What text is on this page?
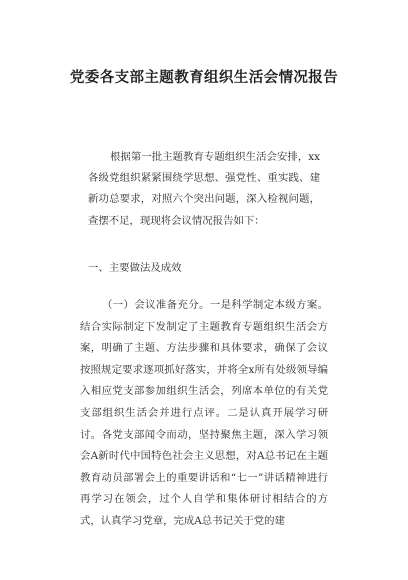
党委各支部主题教育组织生活会情况报告

根据第一批主题教育专题组织生活会安排，xx各级党组织紧紧围绕学思想、强党性、重实践、建新功总要求，对照六个突出问题，深入检视问题，查摆不足，现现将会议情况报告如下：

一、主要做法及成效

（一）会议准备充分。一是科学制定本级方案。结合实际制定下发制定了主题教育专题组织生活会方案，明确了主题、方法步骤和具体要求，确保了会议按照规定要求逐项抓好落实，并将全x所有处级领导编入相应党支部参加组织生活会，列席本单位的有关党支部组织生活会并进行点评。二是认真开展学习研讨。各党支部闻令而动，坚持聚焦主题，深入学习领会A新时代中国特色社会主义思想，对A总书记在主题教育动员部署会上的重要讲话和“七一”讲话精神进行再学习在领会，过个人自学和集体研讨相结合的方式，认真学习党章，完成A总书记关于党的建
